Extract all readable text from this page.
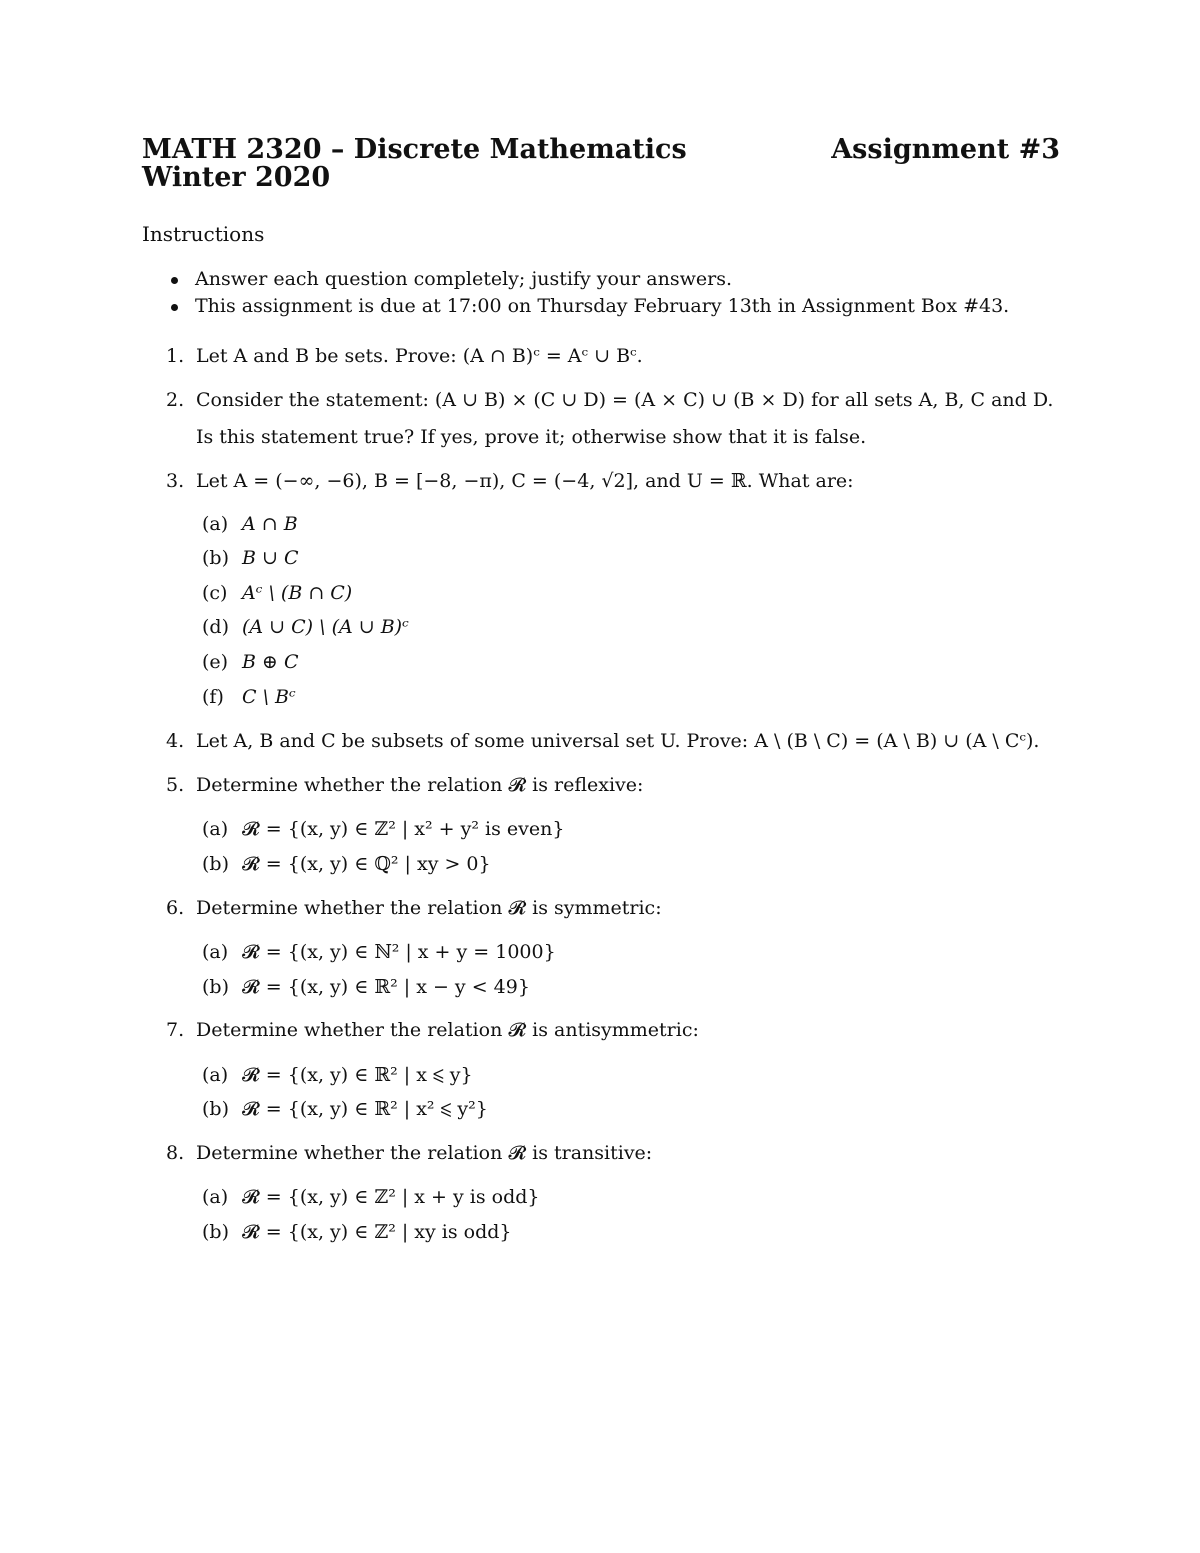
MATH 2320 – Discrete Mathematics	Assignment #3
Winter 2020
Instructions
Answer each question completely; justify your answers.
This assignment is due at 17:00 on Thursday February 13th in Assignment Box #43.
1. Let A and B be sets. Prove: (A ∩ B)ᶜ = Aᶜ ∪ Bᶜ.
2. Consider the statement: (A ∪ B) × (C ∪ D) = (A × C) ∪ (B × D) for all sets A, B, C and D.
Is this statement true? If yes, prove it; otherwise show that it is false.
3. Let A = (−∞, −6), B = [−8, −π), C = (−4, √2], and U = ℝ. What are:
(a) A ∩ B
(b) B ∪ C
(c) Aᶜ \ (B ∩ C)
(d) (A ∪ C) \ (A ∪ B)ᶜ
(e) B ⊕ C
(f) C \ Bᶜ
4. Let A, B and C be subsets of some universal set U. Prove: A \ (B \ C) = (A \ B) ∪ (A \ Cᶜ).
5. Determine whether the relation 𝓡 is reflexive:
(a) 𝓡 = {(x, y) ∈ ℤ² | x² + y² is even}
(b) 𝓡 = {(x, y) ∈ ℚ² | xy > 0}
6. Determine whether the relation 𝓡 is symmetric:
(a) 𝓡 = {(x, y) ∈ ℕ² | x + y = 1000}
(b) 𝓡 = {(x, y) ∈ ℝ² | x − y < 49}
7. Determine whether the relation 𝓡 is antisymmetric:
(a) 𝓡 = {(x, y) ∈ ℝ² | x ⩽ y}
(b) 𝓡 = {(x, y) ∈ ℝ² | x² ⩽ y²}
8. Determine whether the relation 𝓡 is transitive:
(a) 𝓡 = {(x, y) ∈ ℤ² | x + y is odd}
(b) 𝓡 = {(x, y) ∈ ℤ² | xy is odd}
